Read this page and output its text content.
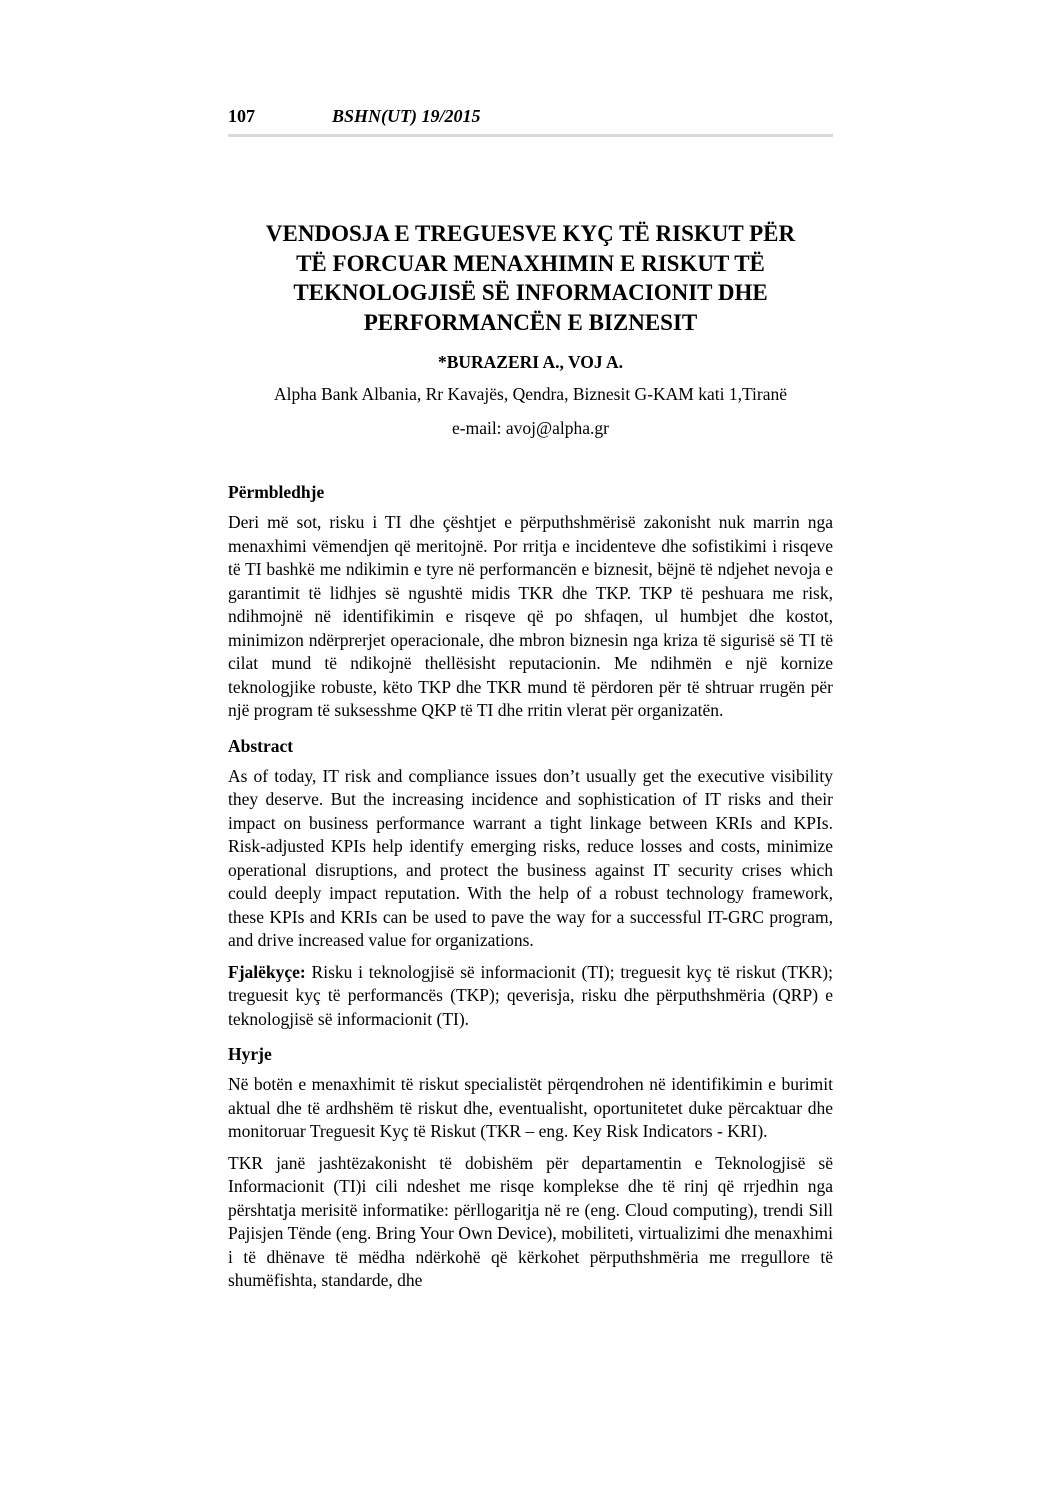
107	BSHN(UT) 19/2015
VENDOSJA E TREGUESVE KYÇ TË RISKUT PËR
TË FORCUAR MENAXHIMIN E RISKUT TË
TEKNOLOGJISË SË INFORMACIONIT DHE
PERFORMANCËN E BIZNESIT
*BURAZERI A., VOJ A.
Alpha Bank Albania, Rr Kavajës, Qendra, Biznesit G-KAM kati 1,Tiranë
e-mail: avoj@alpha.gr
Përmbledhje

Deri më sot, risku i TI dhe çështjet e përputhshmërisë zakonisht nuk marrin nga menaxhimi vëmendjen që meritojnë. Por rritja e incidenteve dhe sofistikimi i risqeve të TI bashkë me ndikimin e tyre në performancën e biznesit, bëjnë të ndjehet nevoja e garantimit të lidhjes së ngushtë midis TKR dhe TKP. TKP të peshuara me risk, ndihmojnë në identifikimin e risqeve që po shfaqen, ul humbjet dhe kostot, minimizon ndërprerjet operacionale, dhe mbron biznesin nga kriza të sigurisë së TI të cilat mund të ndikojnë thellësisht reputacionin. Me ndihmën e një kornize teknologjike robuste, këto TKP dhe TKR mund të përdoren për të shtruar rrugën për një program të suksesshme QKP të TI dhe rritin vlerat për organizatën.

Abstract

As of today, IT risk and compliance issues don’t usually get the executive visibility they deserve. But the increasing incidence and sophistication of IT risks and their impact on business performance warrant a tight linkage between KRIs and KPIs. Risk-adjusted KPIs help identify emerging risks, reduce losses and costs, minimize operational disruptions, and protect the business against IT security crises which could deeply impact reputation. With the help of a robust technology framework, these KPIs and KRIs can be used to pave the way for a successful IT-GRC program, and drive increased value for organizations.

Fjalëkyçe: Risku i teknologjisë së informacionit (TI); treguesit kyç të riskut (TKR); treguesit kyç të performancës (TKP); qeverisja, risku dhe përputhshmëria (QRP) e teknologjisë së informacionit (TI).

Hyrje

Në botën e menaxhimit të riskut specialistët përqendrohen në identifikimin e burimit aktual dhe të ardhshëm të riskut dhe, eventualisht, oportunitetet duke përcaktuar dhe monitoruar Treguesit Kyç të Riskut (TKR – eng. Key Risk Indicators - KRI).

TKR janë jashtëzakonisht të dobishëm për departamentin e Teknologjisë së Informacionit (TI)i cili ndeshet me risqe komplekse dhe të rinj që rrjedhin nga përshtatja merisitë informatike: përllogaritja në re (eng. Cloud computing), trendi Sill Pajisjen Tënde (eng. Bring Your Own Device), mobiliteti, virtualizimi dhe menaxhimi i të dhënave të mëdha ndërkohë që kërkohet përputhshmëria me rregullore të shumëfishta, standarde, dhe
